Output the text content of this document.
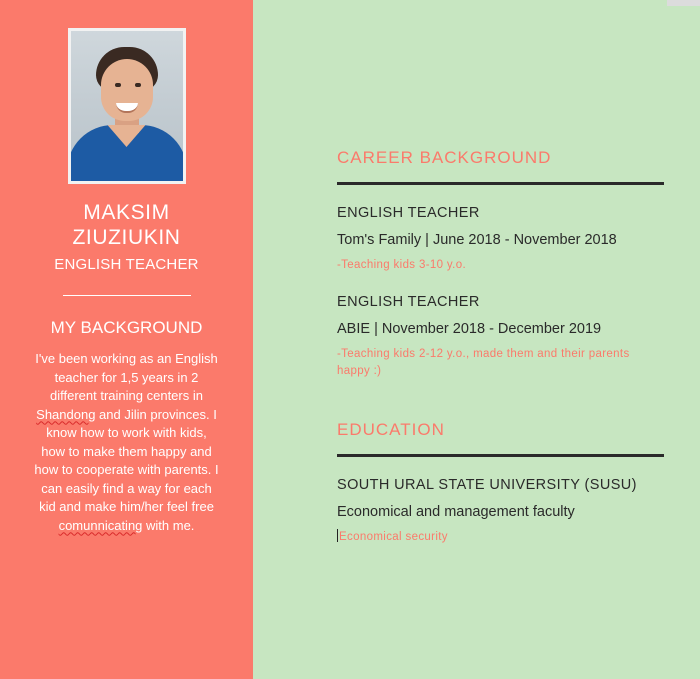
MAKSIM
ZIUZIUKIN
ENGLISH TEACHER
MY BACKGROUND

I've been working as an English teacher for 1,5 years in 2 different training centers in Shandong and Jilin provinces. I know how to work with kids, how to make them happy and how to cooperate with parents. I can easily find a way for each kid and make him/her feel free comunnicating with me.

CAREER BACKGROUND
ENGLISH TEACHER
Tom's Family | June 2018 - November 2018
-Teaching kids 3-10 y.o.
ENGLISH TEACHER
ABIE | November 2018 - December 2019
-Teaching kids 2-12 y.o., made them and their parents happy :)
EDUCATION
SOUTH URAL STATE UNIVERSITY (SUSU)
Economical and management faculty
Economical security
